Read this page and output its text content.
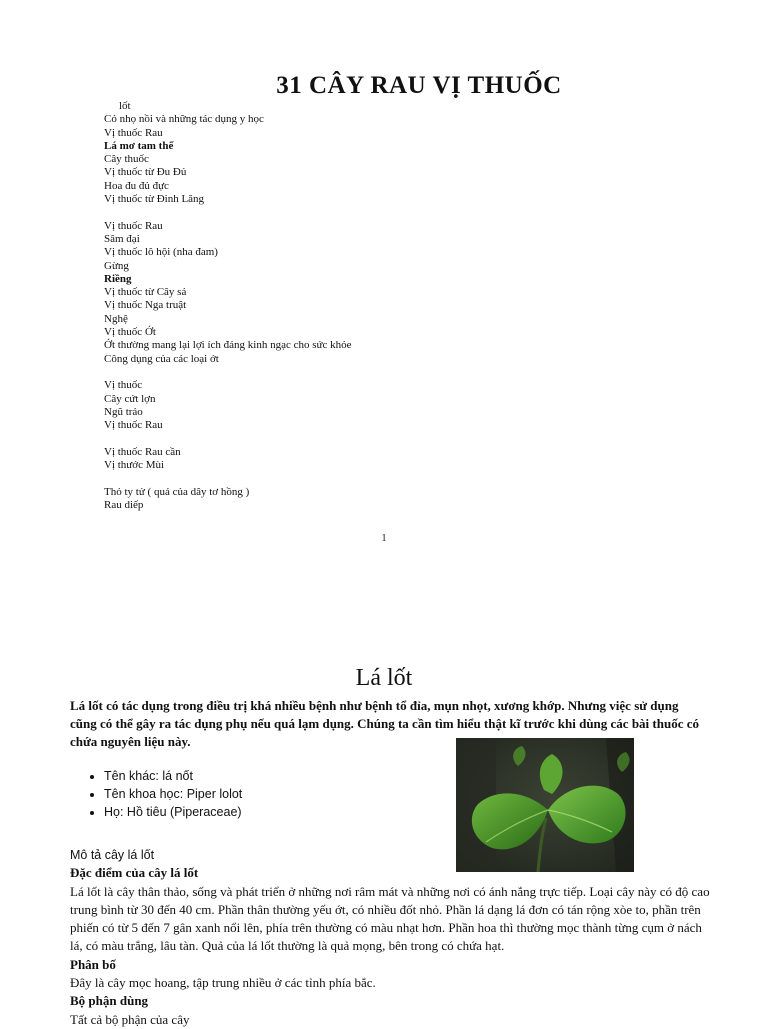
31 CÂY RAU VỊ THUỐC
lốt
Cỏ nhọ nồi và những tác dụng y học
Vị thuốc Rau
Lá mơ tam thể
Cây thuốc
Vị thuốc từ Đu Đủ
Hoa đu đủ đực
Vị thuốc từ Đinh Lăng
Vị thuốc Rau
Sâm đại
Vị thuốc lô hội (nha đam)
Gừng
Riềng
Vị thuốc từ Cây sả
Vị thuốc Nga truật
Nghệ
Vị thuốc Ớt
Ớt thường mang lại lợi ích đáng kinh ngạc cho sức khỏe
Công dụng của các loại ớt
Vị thuốc
Cây cứt lợn
Ngũ trảo
Vị thuốc Rau
Vị thuốc Rau cần
Vị thước Mùi
Thỏ ty tử ( quả của dây tơ hồng )
Rau diếp
1
Lá lốt
Lá lốt có tác dụng trong điều trị khá nhiều bệnh như bệnh tổ đỉa, mụn nhọt, xương khớp. Nhưng việc sử dụng cũng có thể gây ra tác dụng phụ nếu quá lạm dụng. Chúng ta cần tìm hiểu thật kĩ trước khi dùng các bài thuốc có chứa nguyên liệu này.
• Tên khác: lá nốt
• Tên khoa học: Piper lolot
• Họ: Hồ tiêu (Piperaceae)
Mô tả cây lá lốt
Đặc điểm của cây lá lốt

Lá lốt là cây thân thảo, sống và phát triển ở những nơi râm mát và những nơi có ánh nắng trực tiếp. Loại cây này có độ cao trung bình từ 30 đến 40 cm. Phần thân thường yếu ớt, có nhiều đốt nhỏ. Phần lá dạng lá đơn có tán rộng xòe to, phần trên phiến có từ 5 đến 7 gân xanh nổi lên, phía trên thường có màu nhạt hơn. Phần hoa thì thường mọc thành từng cụm ở nách lá, có màu trắng, lâu tàn. Quả của lá lốt thường là quả mọng, bên trong có chứa hạt.

Phân bố

Đây là cây mọc hoang, tập trung nhiều ở các tỉnh phía bắc.

Bộ phận dùng

Tất cả bộ phận của cây
